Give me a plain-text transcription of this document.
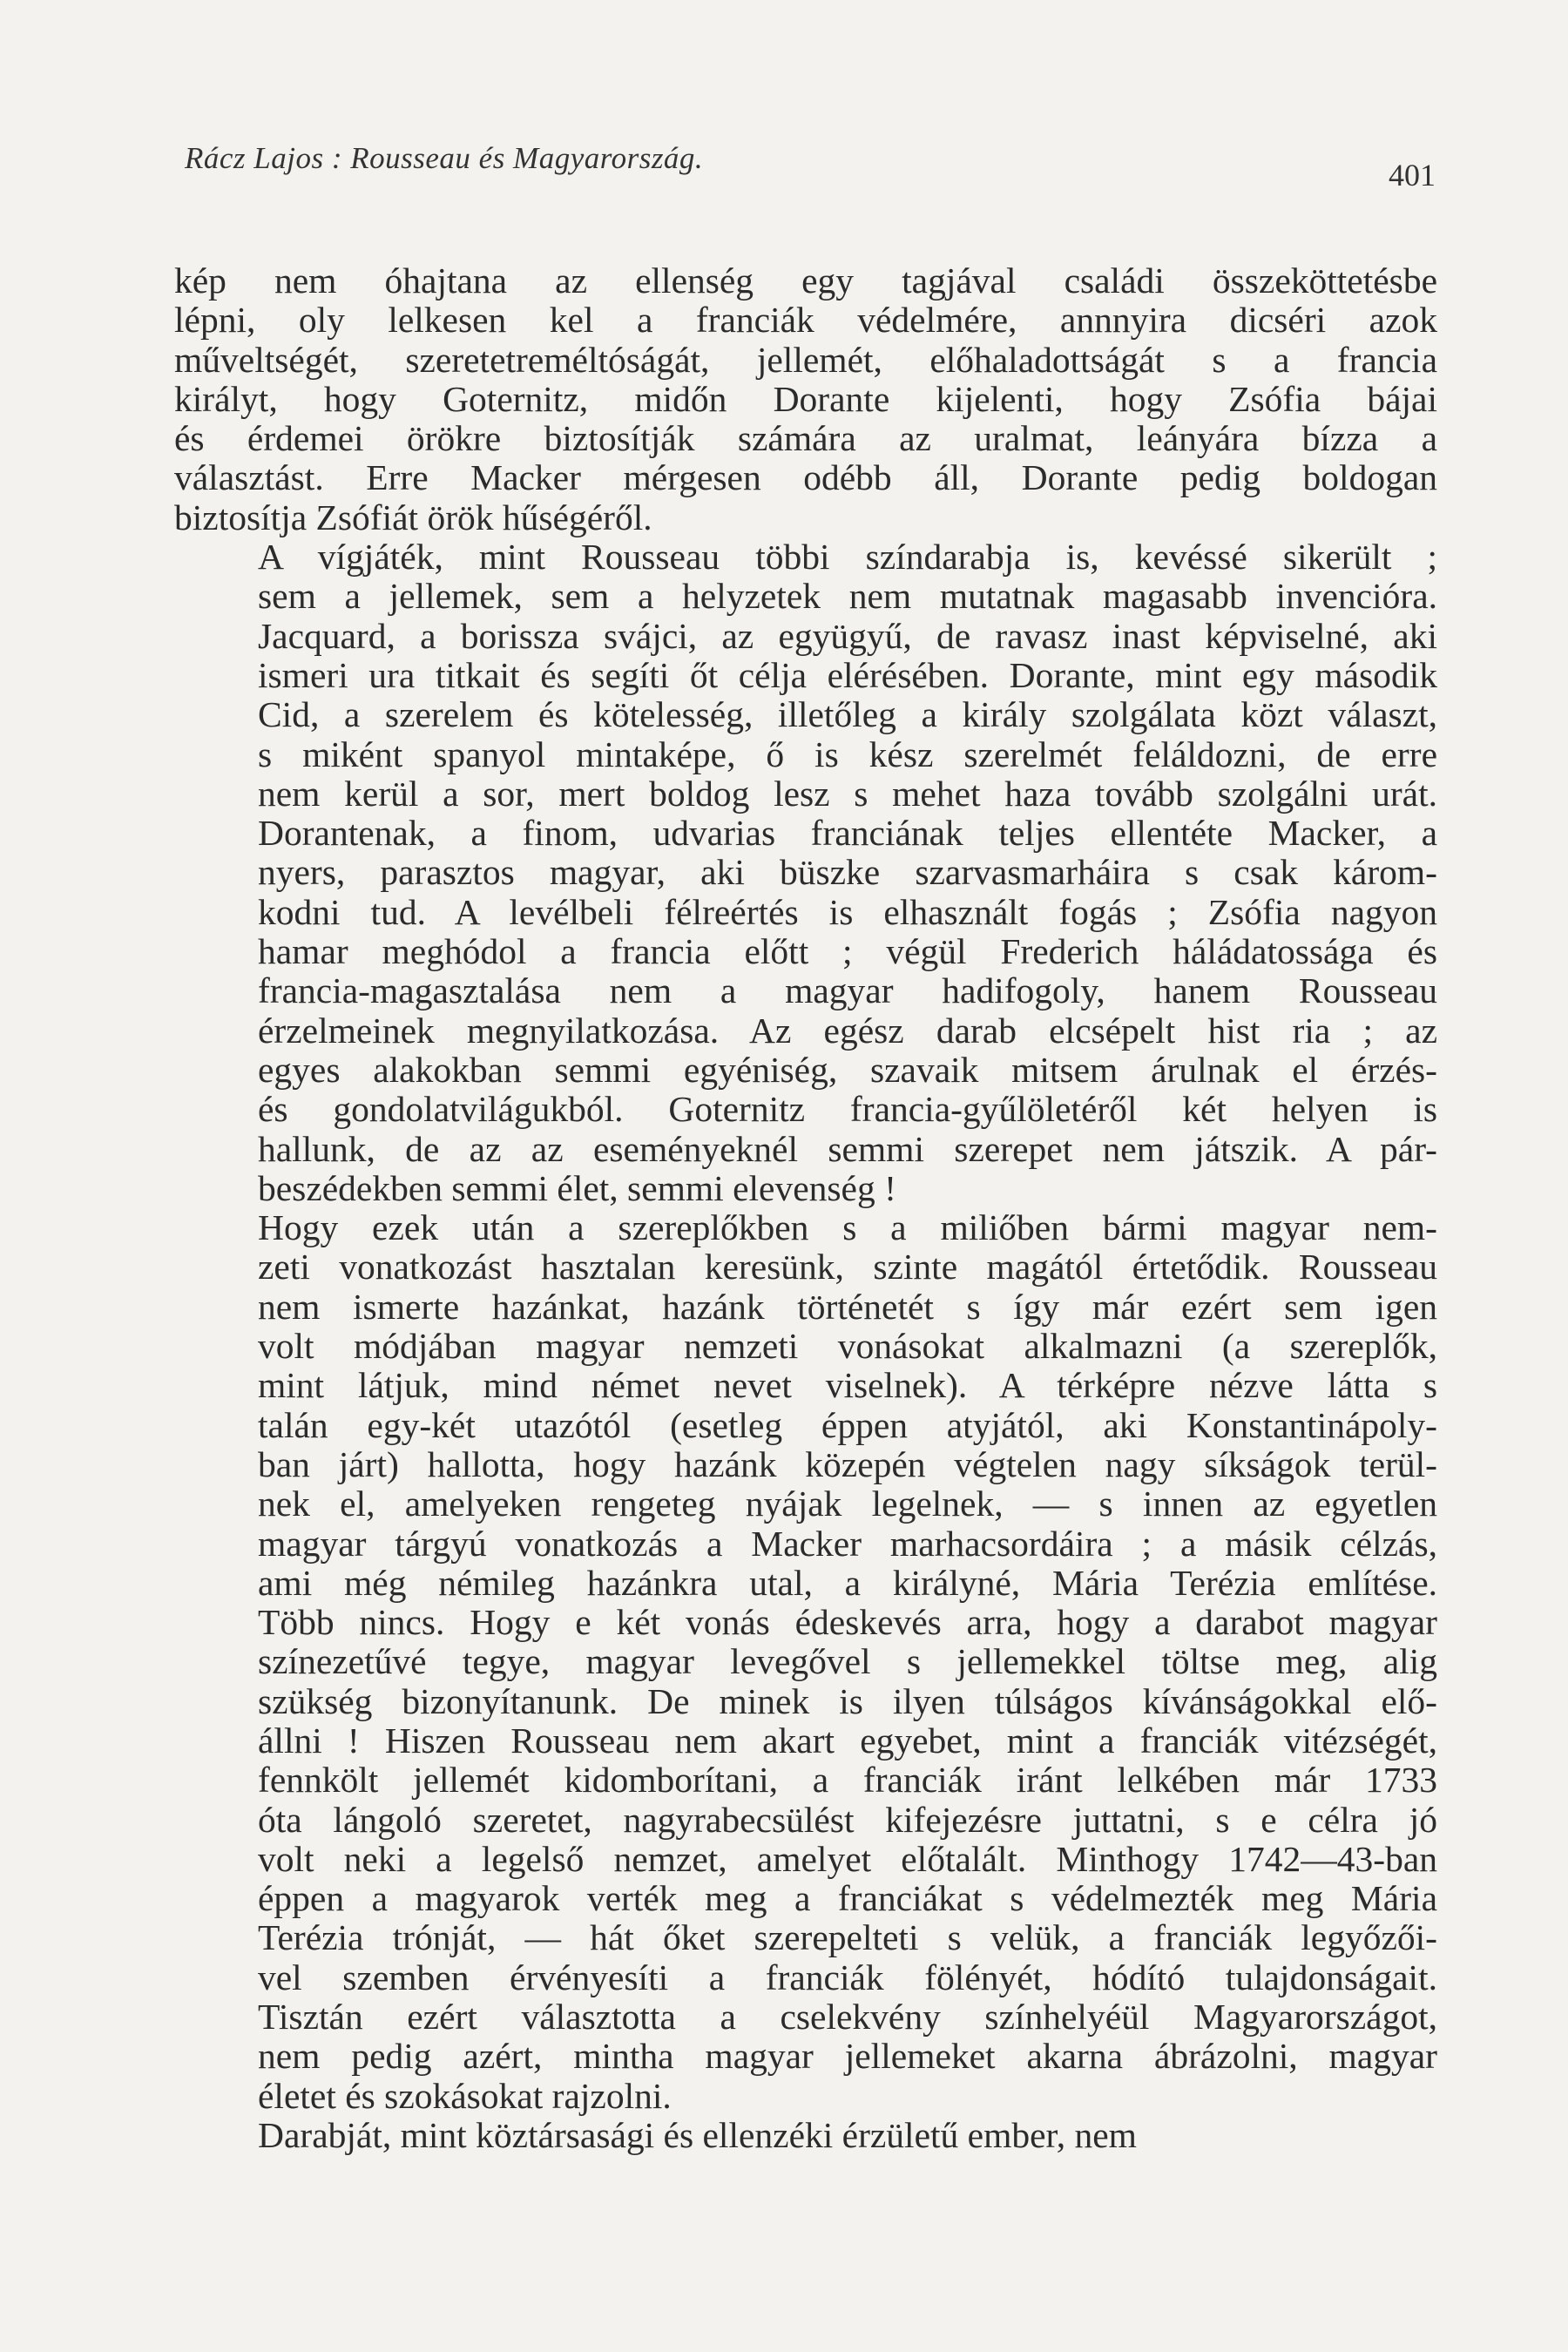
Rácz Lajos : Rousseau és Magyarország.	401

kép nem óhajtana az ellenség egy tagjával családi összeköttetésbe
lépni, oly lelkesen kel a franciák védelmére, annnyira dicséri azok
műveltségét, szeretetreméltóságát, jellemét, előhaladottságát s a francia
királyt, hogy Goternitz, midőn Dorante kijelenti, hogy Zsófia bájai
és érdemei örökre biztosítják számára az uralmat, leányára bízza a
választást. Erre Macker mérgesen odébb áll, Dorante pedig boldogan
biztosítja Zsófiát örök hűségéről.

A vígjáték, mint Rousseau többi színdarabja is, kevéssé sikerült ;
sem a jellemek, sem a helyzetek nem mutatnak magasabb invencióra.
Jacquard, a borissza svájci, az együgyű, de ravasz inast képviselné, aki
ismeri ura titkait és segíti őt célja elérésében. Dorante, mint egy második
Cid, a szerelem és kötelesség, illetőleg a király szolgálata közt választ,
s miként spanyol mintaképe, ő is kész szerelmét feláldozni, de erre
nem kerül a sor, mert boldog lesz s mehet haza tovább szolgálni urát.
Dorantenak, a finom, udvarias franciának teljes ellentéte Macker, a
nyers, parasztos magyar, aki büszke szarvasmarháira s csak károm-
kodni tud. A levélbeli félreértés is elhasznált fogás ; Zsófia nagyon
hamar meghódol a francia előtt ; végül Frederich háládatossága és
francia-magasztalása nem a magyar hadifogoly, hanem Rousseau
érzelmeinek megnyilatkozása. Az egész darab elcsépelt hist ria ; az
egyes alakokban semmi egyéniség, szavaik mitsem árulnak el érzés-
és gondolatvilágukból. Goternitz francia-gyűlöletéről két helyen is
hallunk, de az az eseményeknél semmi szerepet nem játszik. A pár-
beszédekben semmi élet, semmi elevenség !

Hogy ezek után a szereplőkben s a miliőben bármi magyar nem-
zeti vonatkozást hasztalan keresünk, szinte magától értetődik. Rousseau
nem ismerte hazánkat, hazánk történetét s így már ezért sem igen
volt módjában magyar nemzeti vonásokat alkalmazni (a szereplők,
mint látjuk, mind német nevet viselnek). A térképre nézve látta s
talán egy-két utazótól (esetleg éppen atyjától, aki Konstantinápoly-
ban járt) hallotta, hogy hazánk közepén végtelen nagy síkságok terül-
nek el, amelyeken rengeteg nyájak legelnek, — s innen az egyetlen
magyar tárgyú vonatkozás a Macker marhacsordáira ; a másik célzás,
ami még némileg hazánkra utal, a királyné, Mária Terézia említése.
Több nincs. Hogy e két vonás édeskevés arra, hogy a darabot magyar
színezetűvé tegye, magyar levegővel s jellemekkel töltse meg, alig
szükség bizonyítanunk. De minek is ilyen túlságos kívánságokkal elő-
állni ! Hiszen Rousseau nem akart egyebet, mint a franciák vitézségét,
fennkölt jellemét kidomborítani, a franciák iránt lelkében már 1733
óta lángoló szeretet, nagyrabecsülést kifejezésre juttatni, s e célra jó
volt neki a legelső nemzet, amelyet előtalált. Minthogy 1742—43-ban
éppen a magyarok verték meg a franciákat s védelmezték meg Mária
Terézia trónját, — hát őket szerepelteti s velük, a franciák legyőzői-
vel szemben érvényesíti a franciák fölényét, hódító tulajdonságait.
Tisztán ezért választotta a cselekvény színhelyéül Magyarországot,
nem pedig azért, mintha magyar jellemeket akarna ábrázolni, magyar
életet és szokásokat rajzolni.

Darabját, mint köztársasági és ellenzéki érzületű ember, nem
